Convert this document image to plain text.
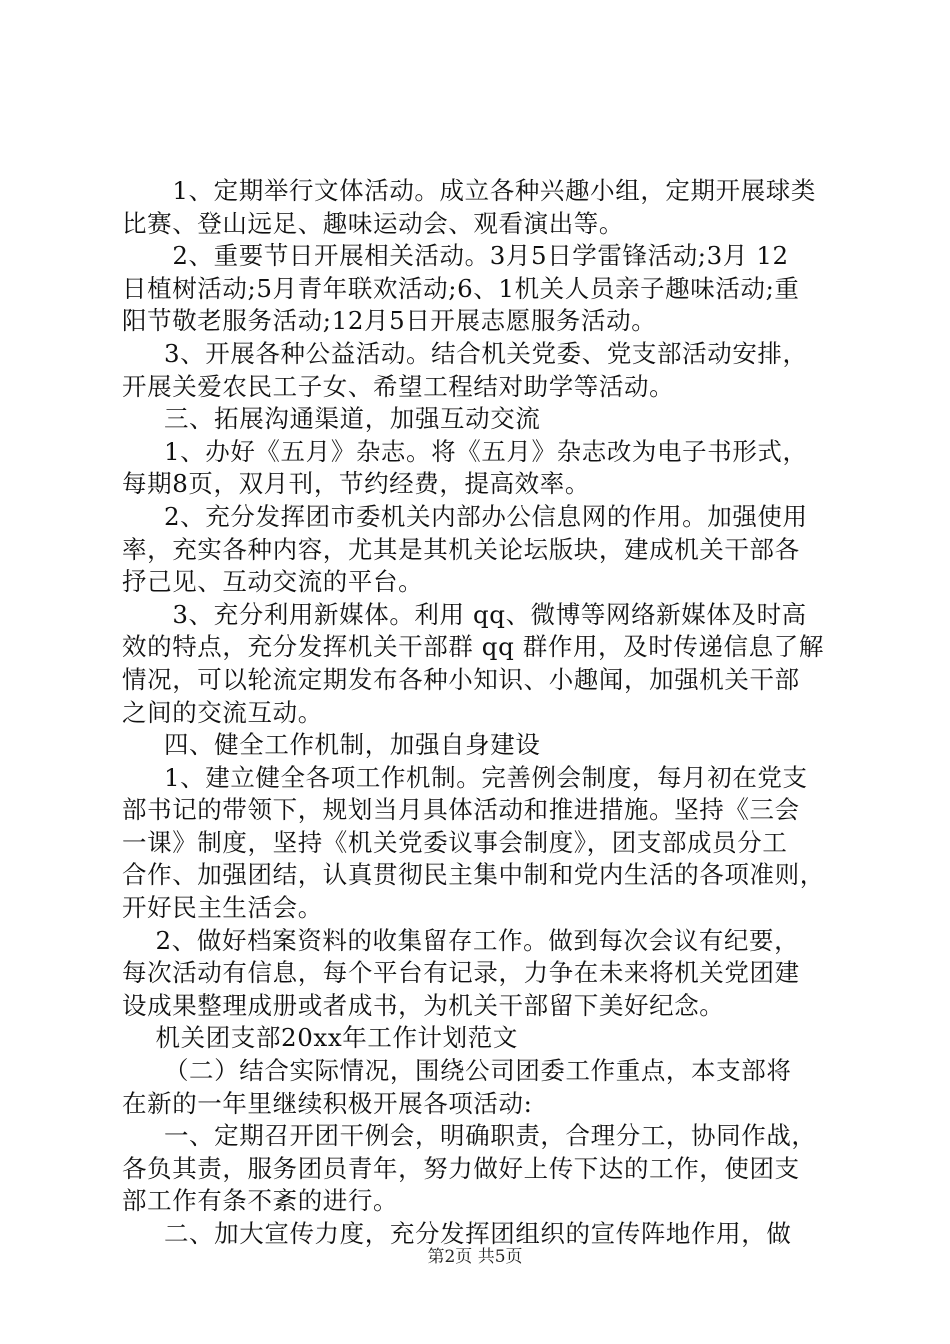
1、定期举行文体活动。成立各种兴趣小组，定期开展球类
比赛、登山远足、趣味运动会、观看演出等。
2、重要节日开展相关活动。3月5日学雷锋活动;3月 12
日植树活动;5月青年联欢活动;6、1机关人员亲子趣味活动;重
阳节敬老服务活动;12月5日开展志愿服务活动。
3、开展各种公益活动。结合机关党委、党支部活动安排，
开展关爱农民工子女、希望工程结对助学等活动。
三、拓展沟通渠道，加强互动交流
1、办好《五月》杂志。将《五月》杂志改为电子书形式，
每期8页，双月刊，节约经费，提高效率。
2、充分发挥团市委机关内部办公信息网的作用。加强使用
率，充实各种内容，尤其是其机关论坛版块，建成机关干部各
抒己见、互动交流的平台。
3、充分利用新媒体。利用 qq、微博等网络新媒体及时高
效的特点，充分发挥机关干部群 qq 群作用，及时传递信息了解
情况，可以轮流定期发布各种小知识、小趣闻，加强机关干部
之间的交流互动。
四、健全工作机制，加强自身建设
1、建立健全各项工作机制。完善例会制度，每月初在党支
部书记的带领下，规划当月具体活动和推进措施。坚持《三会
一课》制度，坚持《机关党委议事会制度》，团支部成员分工
合作、加强团结，认真贯彻民主集中制和党内生活的各项准则，
开好民主生活会。
2、做好档案资料的收集留存工作。做到每次会议有纪要，
每次活动有信息，每个平台有记录，力争在未来将机关党团建
设成果整理成册或者成书，为机关干部留下美好纪念。
机关团支部20xx年工作计划范文
（二）结合实际情况，围绕公司团委工作重点，本支部将
在新的一年里继续积极开展各项活动:
一、定期召开团干例会，明确职责，合理分工，协同作战，
各负其责，服务团员青年，努力做好上传下达的工作，使团支
部工作有条不紊的进行。
二、加大宣传力度，充分发挥团组织的宣传阵地作用，做
第2页 共5页
